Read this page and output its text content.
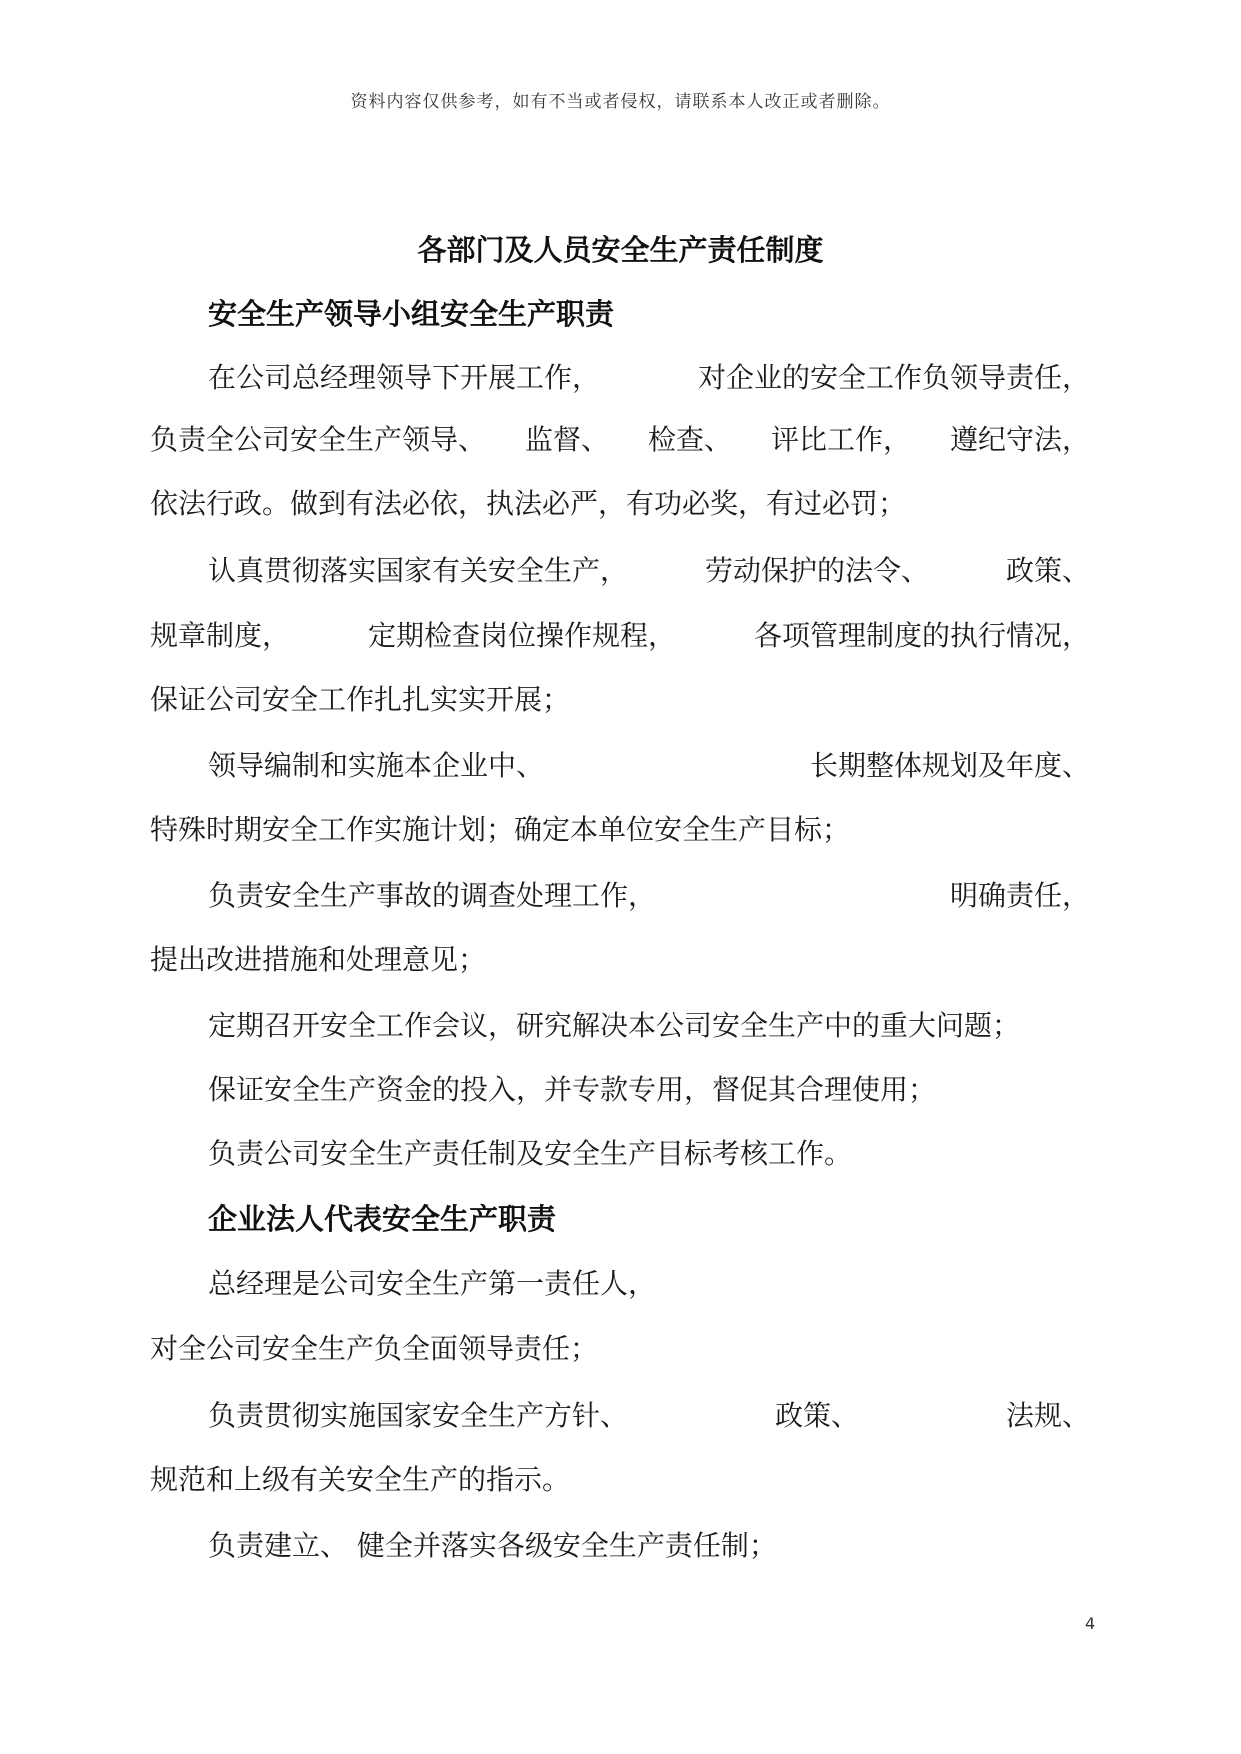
资料内容仅供参考，如有不当或者侵权，请联系本人改正或者删除。
各部门及人员安全生产责任制度
安全生产领导小组安全生产职责
在公司总经理领导下开展工作，	对企业的安全工作负领导责任，
负责全公司安全生产领导、 监督、 检查、 评比工作， 遵纪守法，
依法行政。做到有法必依，执法必严，有功必奖，有过必罚；
认真贯彻落实国家有关安全生产，	劳动保护的法令、	政策、
规章制度，	定期检查岗位操作规程，	各项管理制度的执行情况，
保证公司安全工作扎扎实实开展；
领导编制和实施本企业中、	长期整体规划及年度、
特殊时期安全工作实施计划；确定本单位安全生产目标；
负责安全生产事故的调查处理工作，	明确责任，
提出改进措施和处理意见；
定期召开安全工作会议，研究解决本公司安全生产中的重大问题；
保证安全生产资金的投入，并专款专用，督促其合理使用；
负责公司安全生产责任制及安全生产目标考核工作。
企业法人代表安全生产职责
总经理是公司安全生产第一责任人，
对全公司安全生产负全面领导责任；
负责贯彻实施国家安全生产方针、	政策、	法规、
规范和上级有关安全生产的指示。
负责建立、 健全并落实各级安全生产责任制；
4
